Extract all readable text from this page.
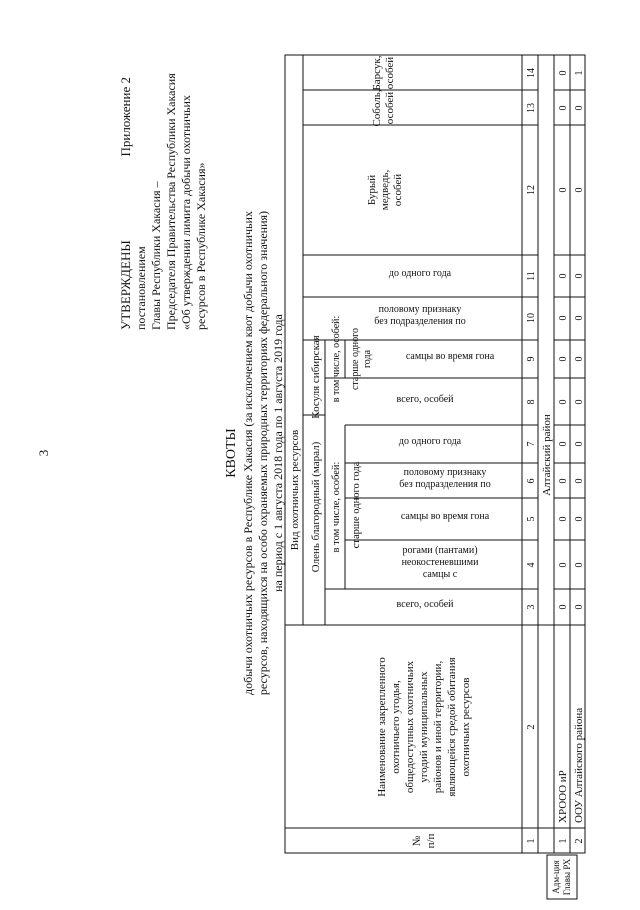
3
Приложение 2
УТВЕРЖДЕНЫ постановлением Главы Республики Хакасия – Председателя Правительства Республики Хакасия «Об утверждении лимита добычи охотничьих ресурсов в Республике Хакасия»
КВОТЫ добычи охотничьих ресурсов в Республике Хакасия (за исключением квот добычи охотничьих ресурсов, находящихся на особо охраняемых природных территориях федерального значения) на период с 1 августа 2018 года по 1 августа 2019 года
№ п/п
Наименование закрепленного охотничьего угодья, общедоступных охотничьих угодий муниципальных районов и иной территории, являющейся средой обитания охотничьих ресурсов
Вид охотничьих ресурсов Олень благородный (марал)
Косуля сибирская
в том числе, особей:
в том числе, особей:
старше одного года
старше одного года
1
2
3
4
5
6
7
8
9
10
11
12
13
14
Алтайский район
1
ХРООО иР
2
ООУ Алтайского района
всего, особей
самцы с
неокостеневшими
рогами (пантами)
самцы во время гона
без подразделения по
половому признаку
до одного года
всего, особей
самцы во время гона
без подразделения по
половому признаку
до одного года
Бурый медведь, особей
Соболь, особей
Барсук, особей
0
0
0
0
0
0
0
0
0
0
0
0
0
0
0
0
0
0
0
0
0
0
0
1
Адм-ция Главы РХ
